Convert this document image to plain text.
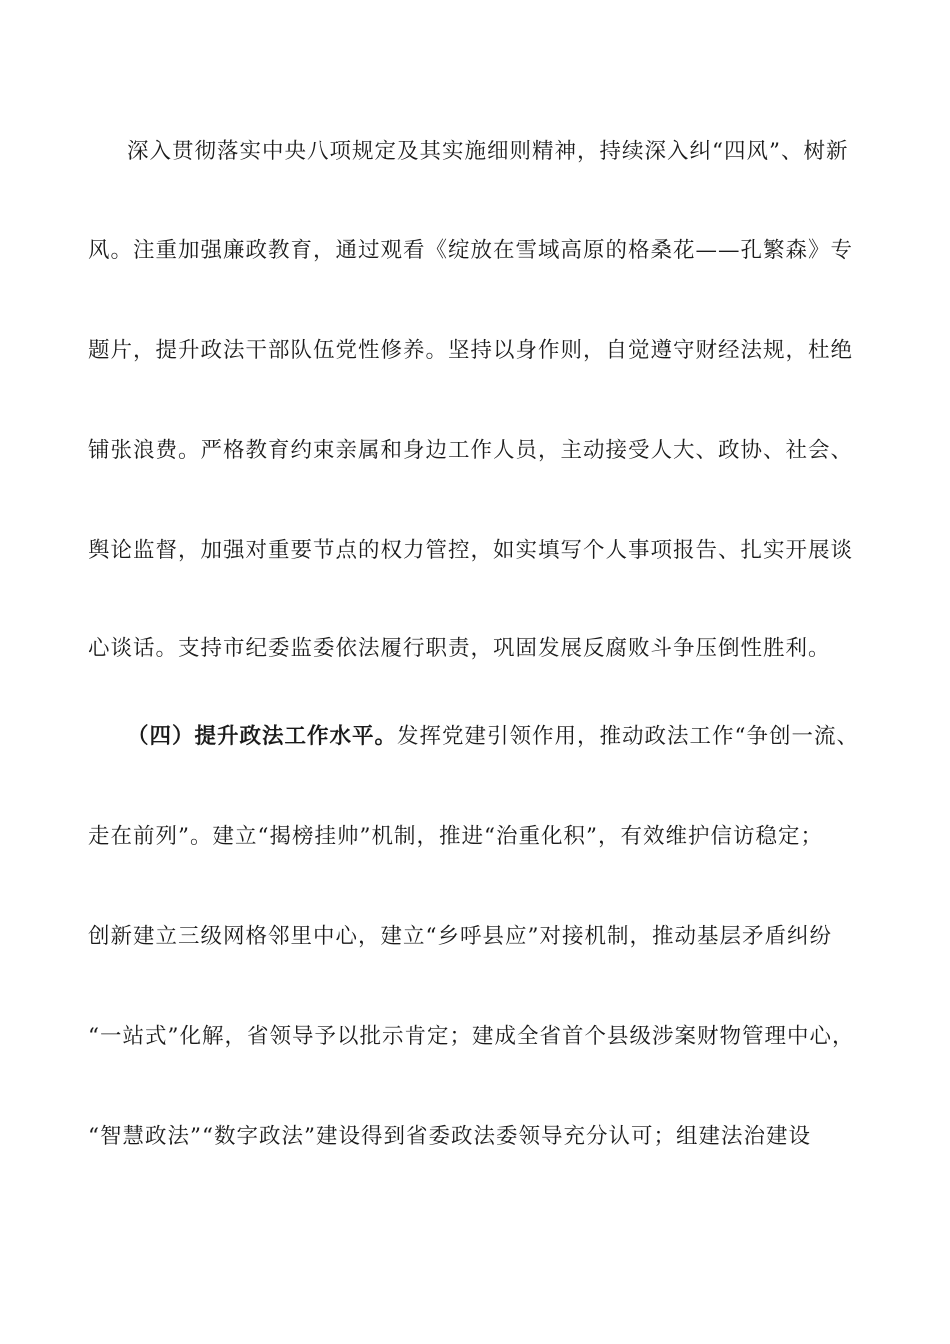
深入贯彻落实中央八项规定及其实施细则精神，持续深入纠“四风”、树新
风。注重加强廉政教育，通过观看《绽放在雪域高原的格桑花——孔繁森》专
题片，提升政法干部队伍党性修养。坚持以身作则，自觉遵守财经法规，杜绝
铺张浪费。严格教育约束亲属和身边工作人员，主动接受人大、政协、社会、
舆论监督，加强对重要节点的权力管控，如实填写个人事项报告、扎实开展谈
心谈话。支持市纪委监委依法履行职责，巩固发展反腐败斗争压倒性胜利。
（四）提升政法工作水平。发挥党建引领作用，推动政法工作“争创一流、
走在前列”。建立“揭榜挂帅”机制，推进“治重化积”，有效维护信访稳定；
创新建立三级网格邻里中心，建立“乡呼县应”对接机制，推动基层矛盾纠纷
“一站式”化解，省领导予以批示肯定；建成全省首个县级涉案财物管理中心，
“智慧政法”“数字政法”建设得到省委政法委领导充分认可；组建法治建设
